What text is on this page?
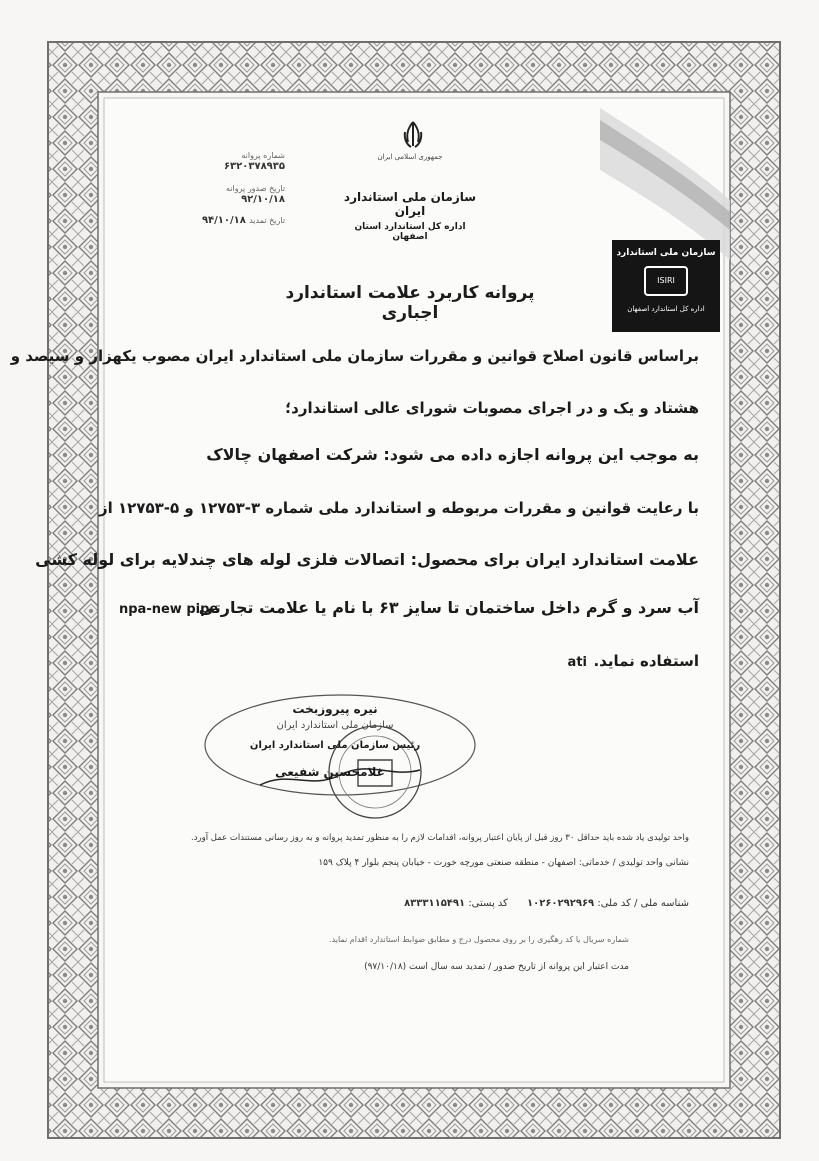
جمهوری اسلامی ایران
سازمان ملی استاندارد ایران
اداره کل استاندارد استان اصفهان
شماره پروانه ۶۳۲۰۳۷۸۹۳۵
تاریخ صدور پروانه ۹۲/۱۰/۱۸
تاریخ تمدید ۹۴/۱۰/۱۸
سازمان ملی استاندارد
ISIRI
اداره کل استاندارد اصفهان
پروانه کاربرد علامت استاندارد اجباری
براساس قانون اصلاح قوانین و مقررات سازمان ملی استاندارد ایران مصوب یکهزار و سیصد و
هشتاد و یک و در اجرای مصوبات شورای عالی استاندارد؛
به موجب این پروانه اجازه داده می شود: شرکت اصفهان چالاک
با رعایت قوانین و مقررات مربوطه و استاندارد ملی شماره ۳-۱۲۷۵۳ و ۵-۱۲۷۵۳ از
علامت استاندارد ایران برای محصول: اتصالات فلزی لوله های چندلایه برای لوله کشی
آب سرد و گرم داخل ساختمان تا سایز ۶۳ با نام یا علامت تجارتی
npa-new pipe
استفاده نماید.
ati
رئیس سازمان ملی استاندارد ایران
نیره پیروزبخت
سازمان ملی استاندارد ایران
غلامحسین شفیعی
واحد تولیدی یاد شده باید حداقل ۳۰ روز قبل از پایان اعتبار پروانه، اقدامات لازم را به منظور تمدید پروانه و به روز رسانی مستندات عمل آورد.
نشانی واحد تولیدی / خدماتی: اصفهان - منطقه صنعتی مورچه خورت - خیابان پنجم بلوار ۴ پلاک ۱۵۹
شناسه ملی / کد ملی: ۱۰۲۶۰۲۹۲۹۶۹      کد پستی: ۸۳۳۳۱۱۵۴۹۱
شماره سریال یا کد رهگیری را بر روی محصول درج و مطابق ضوابط استاندارد اقدام نماید.
مدت اعتبار این پروانه از تاریخ صدور / تمدید سه سال است (۹۷/۱۰/۱۸)
